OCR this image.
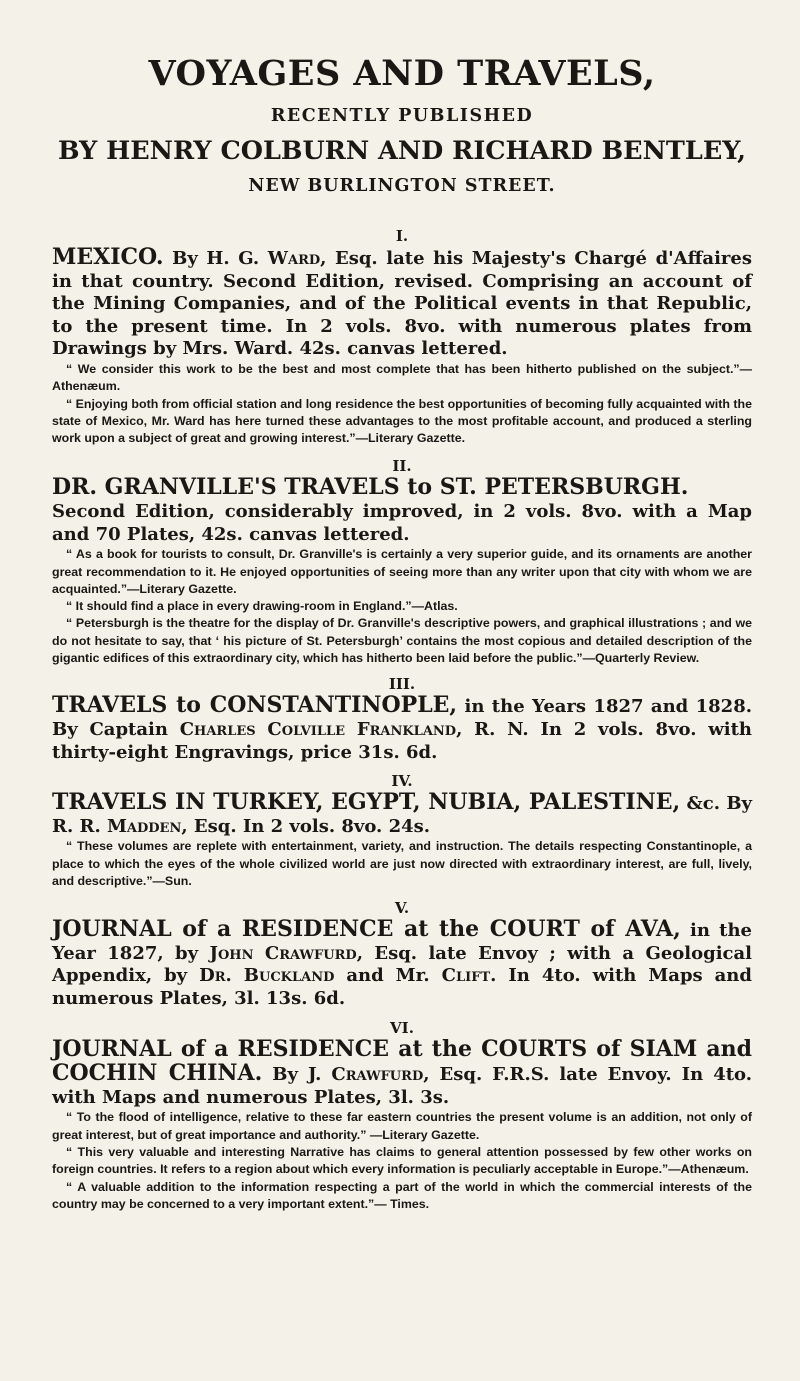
VOYAGES AND TRAVELS,
RECENTLY PUBLISHED
BY HENRY COLBURN AND RICHARD BENTLEY,
NEW BURLINGTON STREET.
I.

MEXICO. By H. G. Ward, Esq. late his Majesty's Chargé d'Affaires in that country. Second Edition, revised. Comprising an account of the Mining Companies, and of the Political events in that Republic, to the present time. In 2 vols. 8vo. with numerous plates from Drawings by Mrs. Ward. 42s. canvas lettered.

“ We consider this work to be the best and most complete that has been hitherto published on the subject.”—Athenæum.

“ Enjoying both from official station and long residence the best opportunities of becoming fully acquainted with the state of Mexico, Mr. Ward has here turned these advantages to the most profitable account, and produced a sterling work upon a subject of great and growing interest.”—Literary Gazette.

II.

DR. GRANVILLE'S TRAVELS to ST. PETERSBURGH.

Second Edition, considerably improved, in 2 vols. 8vo. with a Map and 70 Plates, 42s. canvas lettered.

“ As a book for tourists to consult, Dr. Granville's is certainly a very superior guide, and its ornaments are another great recommendation to it. He enjoyed opportunities of seeing more than any writer upon that city with whom we are acquainted.”—Literary Gazette.

“ It should find a place in every drawing-room in England.”—Atlas.

“ Petersburgh is the theatre for the display of Dr. Granville's descriptive powers, and graphical illustrations ; and we do not hesitate to say, that ‘ his picture of St. Petersburgh’ contains the most copious and detailed description of the gigantic edifices of this extraordinary city, which has hitherto been laid before the public.”—Quarterly Review.

III.

TRAVELS to CONSTANTINOPLE, in the Years 1827 and 1828. By Captain Charles Colville Frankland, R. N. In 2 vols. 8vo. with thirty-eight Engravings, price 31s. 6d.

IV.

TRAVELS IN TURKEY, EGYPT, NUBIA, PALESTINE, &c. By R. R. Madden, Esq. In 2 vols. 8vo. 24s.

“ These volumes are replete with entertainment, variety, and instruction. The details respecting Constantinople, a place to which the eyes of the whole civilized world are just now directed with extraordinary interest, are full, lively, and descriptive.”—Sun.

V.

JOURNAL of a RESIDENCE at the COURT of AVA, in the Year 1827, by John Crawfurd, Esq. late Envoy ; with a Geological Appendix, by Dr. Buckland and Mr. Clift. In 4to. with Maps and numerous Plates, 3l. 13s. 6d.

VI.

JOURNAL of a RESIDENCE at the COURTS of SIAM and COCHIN CHINA. By J. Crawfurd, Esq. F.R.S. late Envoy. In 4to. with Maps and numerous Plates, 3l. 3s.

“ To the flood of intelligence, relative to these far eastern countries the present volume is an addition, not only of great interest, but of great importance and authority.” —Literary Gazette.

“ This very valuable and interesting Narrative has claims to general attention possessed by few other works on foreign countries. It refers to a region about which every information is peculiarly acceptable in Europe.”—Athenæum.

“ A valuable addition to the information respecting a part of the world in which the commercial interests of the country may be concerned to a very important extent.”— Times.
